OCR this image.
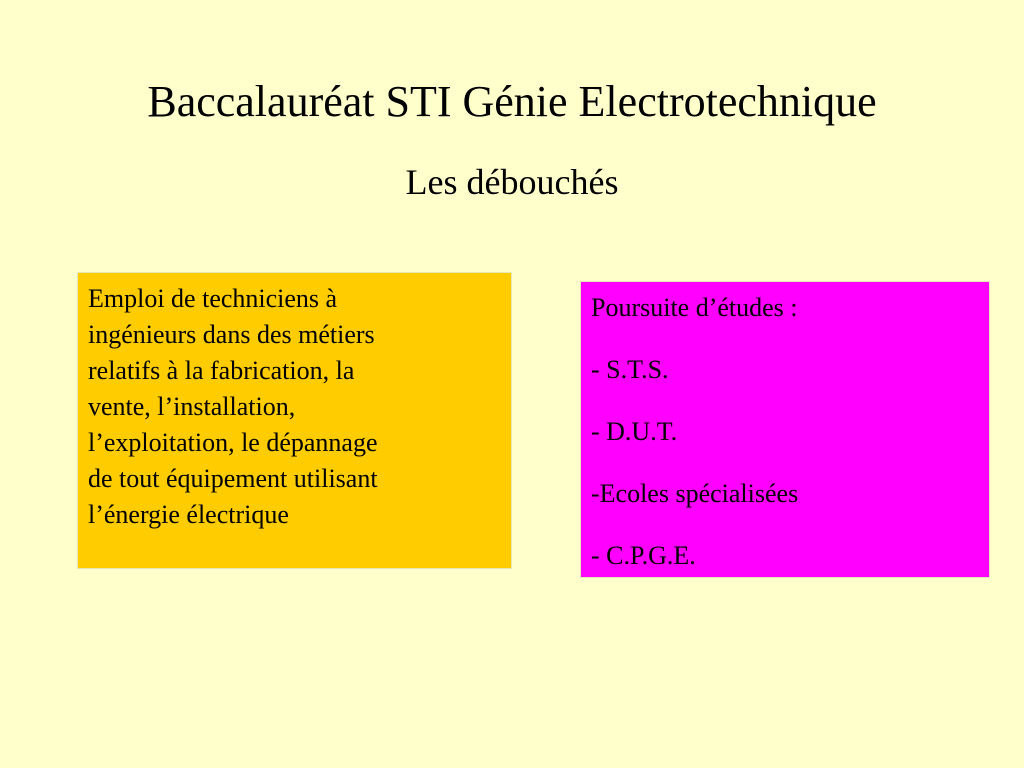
Baccalauréat STI Génie Electrotechnique
Les débouchés
Emploi de techniciens à
ingénieurs dans des métiers
relatifs à la fabrication, la
vente, l’installation,
l’exploitation, le dépannage
de tout équipement utilisant
l’énergie électrique
Poursuite d’études :
- S.T.S.
- D.U.T.
-Ecoles spécialisées
- C.P.G.E.
